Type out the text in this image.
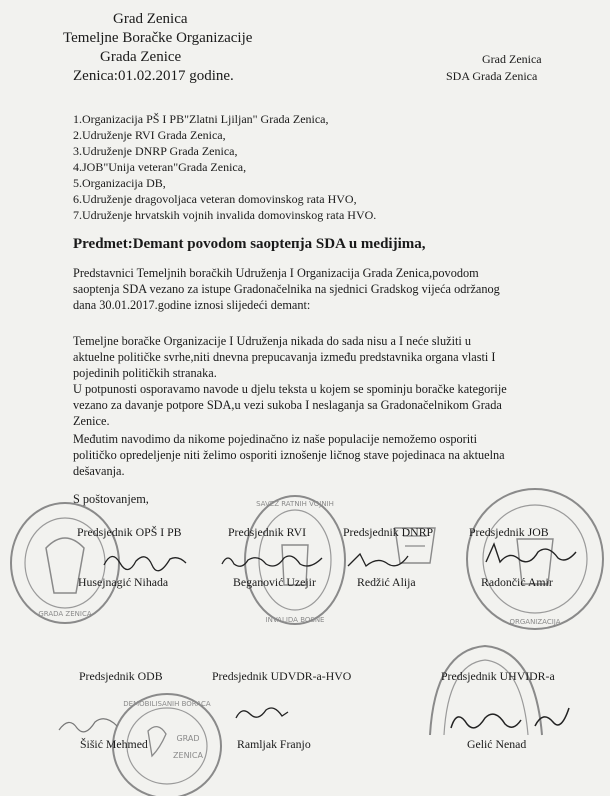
Grad Zenica
Temeljne Boračke Organizacije
Grada Zenice
Zenica:01.02.2017 godine.
Grad Zenica
SDA Grada Zenica
1.Organizacija PŠ I PB"Zlatni Ljiljan" Grada Zenica,
2.Udruženje RVI Grada Zenica,
3.Udruženje DNRP Grada Zenica,
4.JOB"Unija veteran"Grada Zenica,
5.Organizacija DB,
6.Udruženje dragovoljaca veteran domovinskog rata HVO,
7.Udruženje hrvatskih vojnih invalida domovinskog rata HVO.
Predmet:Demant povodom saopteпja SDA u medijima,
Predstavnici Temeljnih boračkih Udruženja I Organizacija Grada Zenica,povodom
saoptenja SDA vezano za istupe Gradonačelnika na sjednici Gradskog vijeća održanog
dana 30.01.2017.godine iznosi slijedeći demant:
Temeljne boračke Organizacije I Udruženja nikada do sada nisu a I neće služiti u
aktuelne političke svrhe,niti dnevna prepucavanja između predstavnika organa vlasti I
pojedinih političkih stranaka.
U potpunosti osporavamo navode u djelu teksta u kojem se spominju boračke kategorije
vezano za davanje potpore SDA,u vezi sukoba I neslaganja sa Gradonačelnikom Grada
Zenice.
Međutim navodimo da nikome pojedinačno iz naše populacije nemožemo osporiti
političko opredeljenje niti želimo osporiti iznošenje ličnog stave pojedinaca na aktuelna
dešavanja.
S poštovanjem,
GRADA ZENICA
SAVEZ RATNIH VOJNIH
INVALIDA BOSNE	ORGANIZACIJA
Predsjednik OPŠ I PB
Husejnagić Nihada
Predsjednik RVI
Beganović Uzejir
Predsjednik DNRP
Redžić Alija
Predsjednik JOB
Radončić Amir
DEMOBILISANIH BORACA
GRAD
ZENICA
Predsjednik ODB
Šišić Mehmed
Predsjednik UDVDR-a-HVO
Ramljak Franjo
Predsjednik UHVIDR-a
Gelić Nenad
